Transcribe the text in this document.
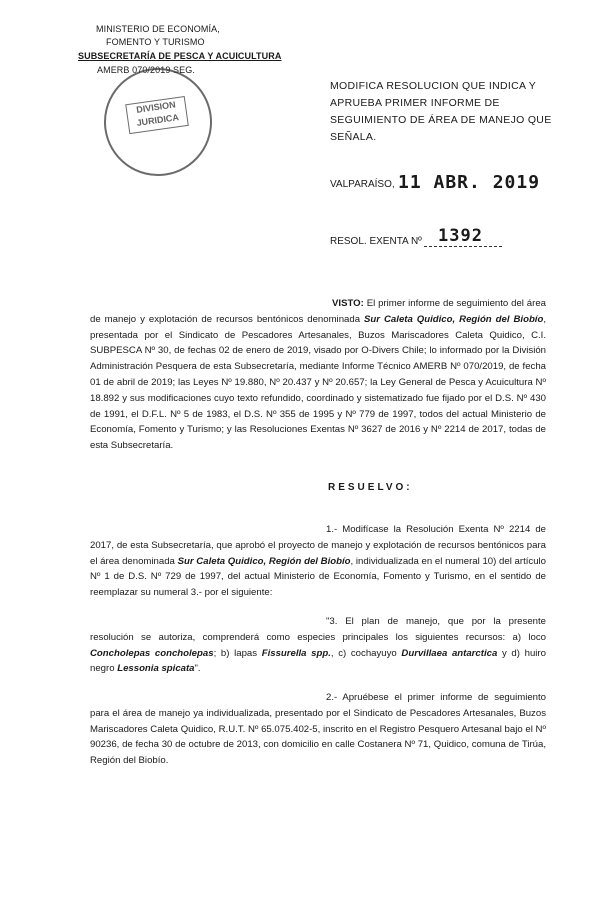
MINISTERIO DE ECONOMÍA,
FOMENTO Y TURISMO
SUBSECRETARÍA DE PESCA Y ACUICULTURA
AMERB 070/2019 SEG.
DIVISION
JURIDICA
MODIFICA RESOLUCION QUE INDICA Y APRUEBA PRIMER INFORME DE SEGUIMIENTO DE ÁREA DE MANEJO QUE SEÑALA.
VALPARAÍSO, 11 ABR. 2019
RESOL. EXENTA Nº 1392
VISTO: El primer informe de seguimiento del área de manejo y explotación de recursos bentónicos denominada Sur Caleta Quidico, Región del Biobío, presentada por el Sindicato de Pescadores Artesanales, Buzos Mariscadores Caleta Quidico, C.I. SUBPESCA Nº 30, de fechas 02 de enero de 2019, visado por O-Divers Chile; lo informado por la División Administración Pesquera de esta Subsecretaría, mediante Informe Técnico AMERB Nº 070/2019, de fecha 01 de abril de 2019; las Leyes Nº 19.880, Nº 20.437 y Nº 20.657; la Ley General de Pesca y Acuicultura Nº 18.892 y sus modificaciones cuyo texto refundido, coordinado y sistematizado fue fijado por el D.S. Nº 430 de 1991, el D.F.L. Nº 5 de 1983, el D.S. Nº 355 de 1995 y Nº 779 de 1997, todos del actual Ministerio de Economía, Fomento y Turismo; y las Resoluciones Exentas Nº 3627 de 2016 y Nº 2214 de 2017, todas de esta Subsecretaría.
RESUELVO:
1.- Modifícase la Resolución Exenta Nº 2214 de 2017, de esta Subsecretaría, que aprobó el proyecto de manejo y explotación de recursos bentónicos para el área denominada Sur Caleta Quidico, Región del Biobío, individualizada en el numeral 10) del artículo Nº 1 de D.S. Nº 729 de 1997, del actual Ministerio de Economía, Fomento y Turismo, en el sentido de reemplazar su numeral 3.- por el siguiente:
"3. El plan de manejo, que por la presente resolución se autoriza, comprenderá como especies principales los siguientes recursos: a) loco Concholepas concholepas; b) lapas Fissurella spp., c) cochayuyo Durvillaea antarctica y d) huiro negro Lessonia spicata".
2.- Apruébese el primer informe de seguimiento para el área de manejo ya individualizada, presentado por el Sindicato de Pescadores Artesanales, Buzos Mariscadores Caleta Quidico, R.U.T. Nº 65.075.402-5, inscrito en el Registro Pesquero Artesanal bajo el Nº 90236, de fecha 30 de octubre de 2013, con domicilio en calle Costanera Nº 71, Quidico, comuna de Tirúa, Región del Biobío.
